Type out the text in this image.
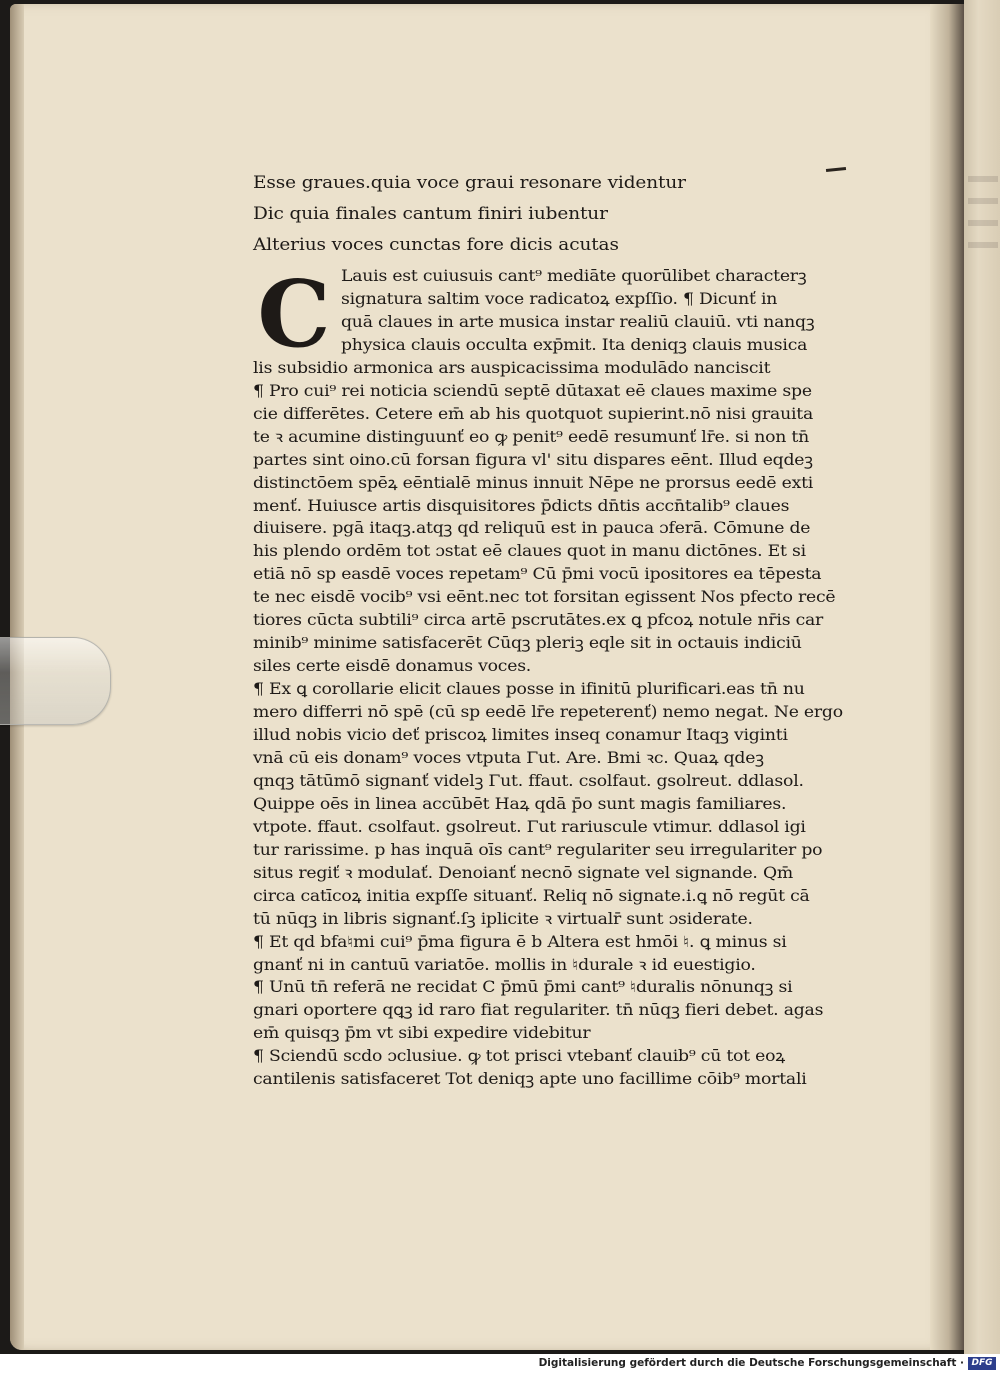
Esse graues.quia voce graui resonare videntur
Dic quia finales cantum finiri iubentur
Alterius voces cunctas fore dicis acutas
C Lauis est cuiusuis cant⁹ mediāte quorūlibet characterꝫ
signatura saltim voce radicatoꝝ expſſio. ¶ Dicunť in
quā claues in arte musica instar realiū clauiū. vti nanqꝫ
physica clauis occulta exp̄mit. Ita deniqꝫ clauis musica
lis subsidio armonica ars auspicacissima modulādo nanciscit
¶ Pro cui⁹ rei noticia sciendū septē dūtaxat eē claues maxime spe
cie differētes. Cetere em̄ ab his quotquot supierint.nō nisi grauita
te ꝛ acumine distinguunť eo ꝙ penit⁹ eedē resumunť lr̄e. si non tn̄
partes sint oino.cū forsan figura vl' situ dispares eēnt. Illud eqdeꝫ
distinctōem spēꝝ eēntialē minus innuit Nēpe ne prorsus eedē exti
menť. Huiusce artis disquisitores p̄dicts dn̄tis accn̄talib⁹ claues
diuisere. pgā itaqꝫ.atqꝫ qd reliquū est in pauca ɔferā. Cōmune de
his plendo ordēm tot ɔstat eē claues quot in manu dictōnes. Et si
etiā nō sp easdē voces repetam⁹ Cū p̄mi vocū ipositores ea tēpesta
te nec eisdē vocib⁹ vsi eēnt.nec tot forsitan egissent Nos pfecto recē
tiores cūcta subtili⁹ circa artē pscrutātes.ex ꝗ pfcoꝝ notule nr̄is car
minib⁹ minime satisfacerēt Cūqꝫ pleriꝫ eqle sit in octauis indiciū
siles certe eisdē donamus voces.
¶ Ex ꝗ corollarie elicit claues posse in ifinitū plurificari.eas tn̄ nu
mero differri nō spē (cū sp eedē lr̄e repeterenť) nemo negat. Ne ergo
illud nobis vicio deť priscoꝝ limites inseq conamur Itaqꝫ viginti
vnā cū eis donam⁹ voces vtputa Γut. Are. Bmi ꝛc. Quaꝝ qdeꝫ
qnqꝫ tātūmō signanť videlꝫ Γut. ffaut. csolfaut. gsolreut. ddlasol.
Quippe oēs in linea accūbēt Haꝝ qdā p̄o sunt magis familiares.
vtpote. ffaut. csolfaut. gsolreut. Γut rariuscule vtimur. ddlasol igi
tur rarissime. p has inquā oīs cant⁹ regulariter seu irregulariter po
situs regiť ꝛ modulať. Denoianť necnō signate vel signande. Qm̄
circa catīcoꝝ initia expſſe situanť. Reliq nō signate.i.ꝗ nō regūt cā
tū nūqꝫ in libris signanť.ſꝫ iplicite ꝛ virtualr̄ sunt ɔsiderate.
¶ Et qd bfa♮mi cui⁹ p̄ma figura ē b Altera est hmōi ♮. ꝗ minus si
gnanť ni in cantuū variatōe. mollis in ♮durale ꝛ id euestigio.
¶ Unū tn̄ referā ne recidat C p̄mū p̄mi cant⁹ ♮duralis nōnunqꝫ si
gnari oportere qꝗꝫ id raro fiat regulariter. tn̄ nūqꝫ fieri debet. agas
em̄ quisqꝫ p̄m vt sibi expedire videbitur
¶ Sciendū scdo ɔclusiue. ꝙ tot prisci vtebanť clauib⁹ cū tot eoꝝ
cantilenis satisfaceret Tot deniqꝫ apte uno facillime cōib⁹ mortali
Digitalisierung gefördert durch die Deutsche Forschungsgemeinschaft · DFG
